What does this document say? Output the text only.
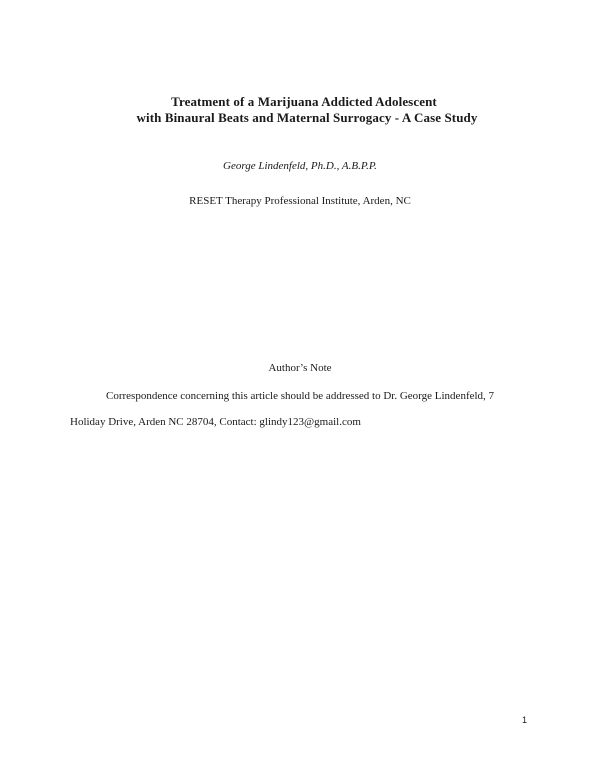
Treatment of a Marijuana Addicted Adolescent
with Binaural Beats and Maternal Surrogacy - A Case Study
George Lindenfeld, Ph.D., A.B.P.P.
RESET Therapy Professional Institute, Arden, NC
Author’s Note
Correspondence concerning this article should be addressed to Dr. George Lindenfeld, 7
Holiday Drive, Arden NC 28704, Contact: glindy123@gmail.com
1
